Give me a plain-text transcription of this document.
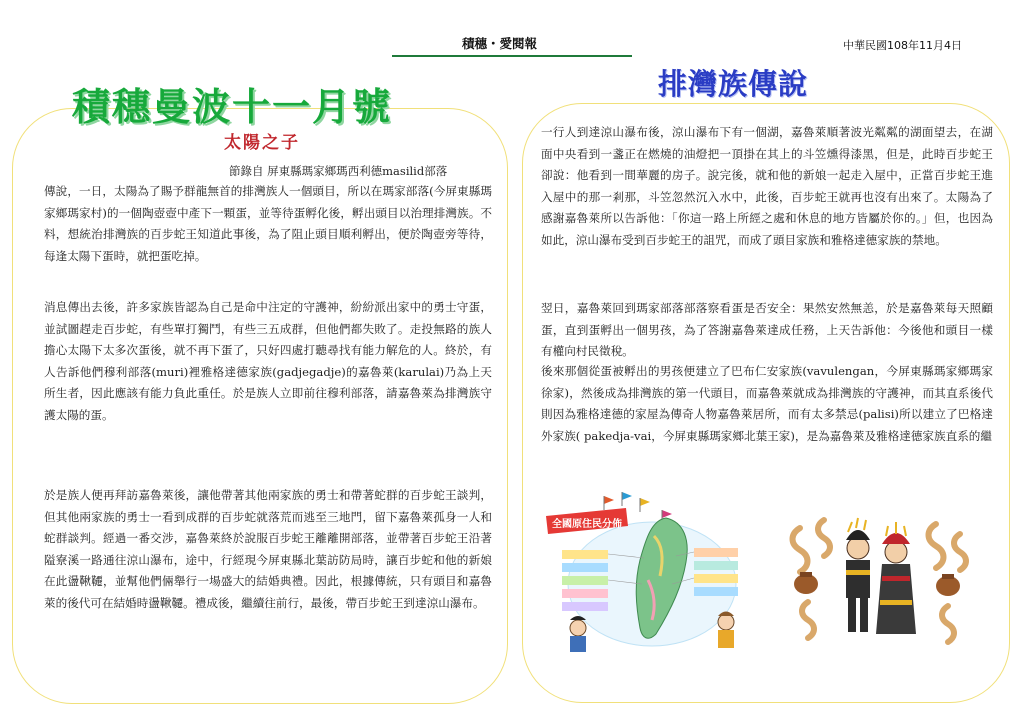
積穗・愛閱報	中華民國108年11月4日
積穗曼波十一月號
排灣族傳說
太陽之子
節錄自 屏東縣瑪家鄉瑪西利德masilid部落

傳說，一日，太陽為了賜予群龍無首的排灣族人一個頭目，所以在瑪家部落(今屏東縣瑪家鄉瑪家村)的一個陶壺壺中產下一顆蛋，並等待蛋孵化後，孵出頭目以治理排灣族。不料，想統治排灣族的百步蛇王知道此事後，為了阻止頭目順利孵出，便於陶壺旁等待，每逢太陽下蛋時，就把蛋吃掉。

消息傳出去後，許多家族皆認為自己是命中注定的守護神，紛紛派出家中的勇士守蛋，並試圖趕走百步蛇，有些單打獨鬥，有些三五成群，但他們都失敗了。走投無路的族人擔心太陽下太多次蛋後，就不再下蛋了，只好四處打聽尋找有能力解危的人。終於，有人告訴他們穆利部落(muri)裡雅格達德家族(gadjegadje)的嘉魯萊(karulai)乃為上天所生者，因此應該有能力負此重任。於是族人立即前往穆利部落，請嘉魯萊為排灣族守護太陽的蛋。

於是族人便再拜訪嘉魯萊後，讓他帶著其他兩家族的勇士和帶著蛇群的百步蛇王談判，但其他兩家族的勇士一看到成群的百步蛇就落荒而逃至三地門，留下嘉魯萊孤身一人和蛇群談判。經過一番交涉，嘉魯萊終於說服百步蛇王離離開部落，並帶著百步蛇王沿著隘寮溪一路通往涼山瀑布，途中，行經現今屏東縣北葉訪防局時，讓百步蛇和他的新娘在此盪鞦韆，並幫他們倆舉行一場盛大的結婚典禮。因此，根據傳統，只有頭目和嘉魯萊的後代可在結婚時盪鞦韆。禮成後，繼續往前行，最後，帶百步蛇王到達涼山瀑布。

一行人到達涼山瀑布後，涼山瀑布下有一個湖，嘉魯萊順著波光粼粼的湖面望去，在湖面中央看到一盞正在燃燒的油燈把一頂掛在其上的斗笠燻得漆黑，但是，此時百步蛇王卻說：他看到一間華麗的房子。說完後，就和他的新娘一起走入屋中，正當百步蛇王進入屋中的那一剎那，斗笠忽然沉入水中，此後，百步蛇王就再也沒有出來了。太陽為了感謝嘉魯萊所以告訴他：「你這一路上所經之處和休息的地方皆屬於你的。」但，也因為如此，涼山瀑布受到百步蛇王的詛咒，而成了頭目家族和雅格達德家族的禁地。

翌日，嘉魯萊回到瑪家部落部落察看蛋是否安全：果然安然無恙，於是嘉魯萊每天照顧蛋，直到蛋孵出一個男孩，為了答謝嘉魯萊達成任務，上天告訴他：今後他和頭目一樣有權向村民徵稅。

後來那個從蛋被孵出的男孩便建立了巴布仁安家族(vavulengan，今屏東縣瑪家鄉瑪家徐家)，然後成為排灣族的第一代頭目，而嘉魯萊就成為排灣族的守護神，而其直系後代則因為雅格達德的家屋為傳奇人物嘉魯萊居所，而有太多禁忌(palisi)所以建立了巴格達外家族( pakedja-vai，今屏東縣瑪家鄉北葉王家)，是為嘉魯萊及雅格達德家族直系的繼

全國原住民分佈
